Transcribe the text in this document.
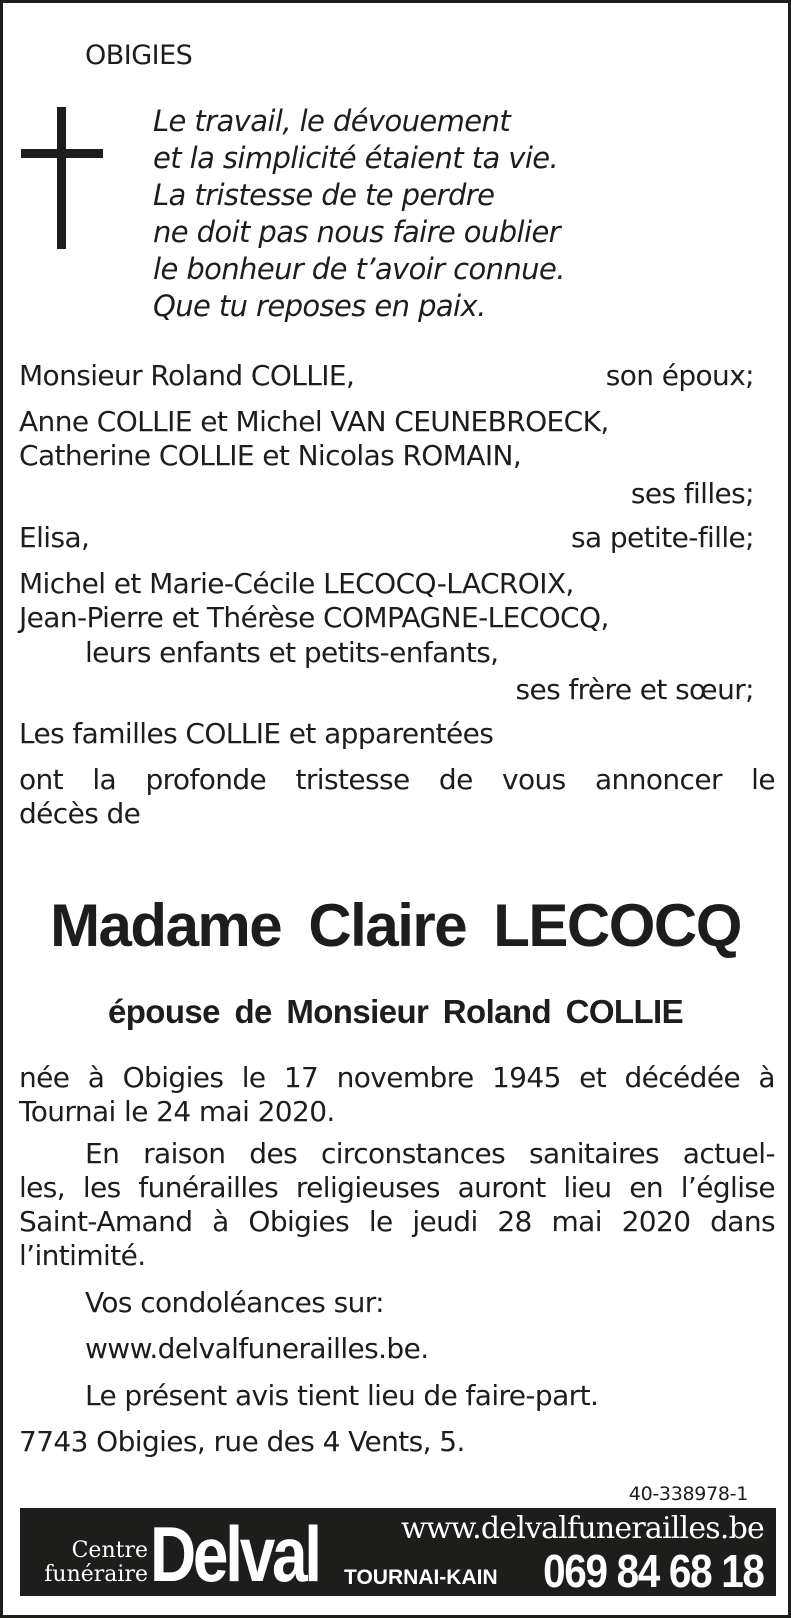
OBIGIES
Le travail, le dévouement
et la simplicité étaient ta vie.
La tristesse de te perdre
ne doit pas nous faire oublier
le bonheur de t’avoir connue.
Que tu reposes en paix.
Monsieur Roland COLLIE,	son époux;
Anne COLLIE et Michel VAN CEUNEBROECK,
Catherine COLLIE et Nicolas ROMAIN,
ses filles;
Elisa,	sa petite-fille;
Michel et Marie-Cécile LECOCQ-LACROIX,
Jean-Pierre et Thérèse COMPAGNE-LECOCQ,
leurs enfants et petits-enfants,
ses frère et sœur;
Les familles COLLIE et apparentées
ont la profonde tristesse de vous annoncer le
décès de
Madame Claire LECOCQ
épouse de Monsieur Roland COLLIE
née à Obigies le 17 novembre 1945 et décédée à
Tournai le 24 mai 2020.
En raison des circonstances sanitaires actuel-
les, les funérailles religieuses auront lieu en l’église
Saint-Amand à Obigies le jeudi 28 mai 2020 dans
l’intimité.
Vos condoléances sur:
www.delvalfunerailles.be.
Le présent avis tient lieu de faire-part.
7743 Obigies, rue des 4 Vents, 5.
40-338978-1
Centre
funéraire Delval	www.delvalfunerailles.be
TOURNAI-KAIN 069 84 68 18
